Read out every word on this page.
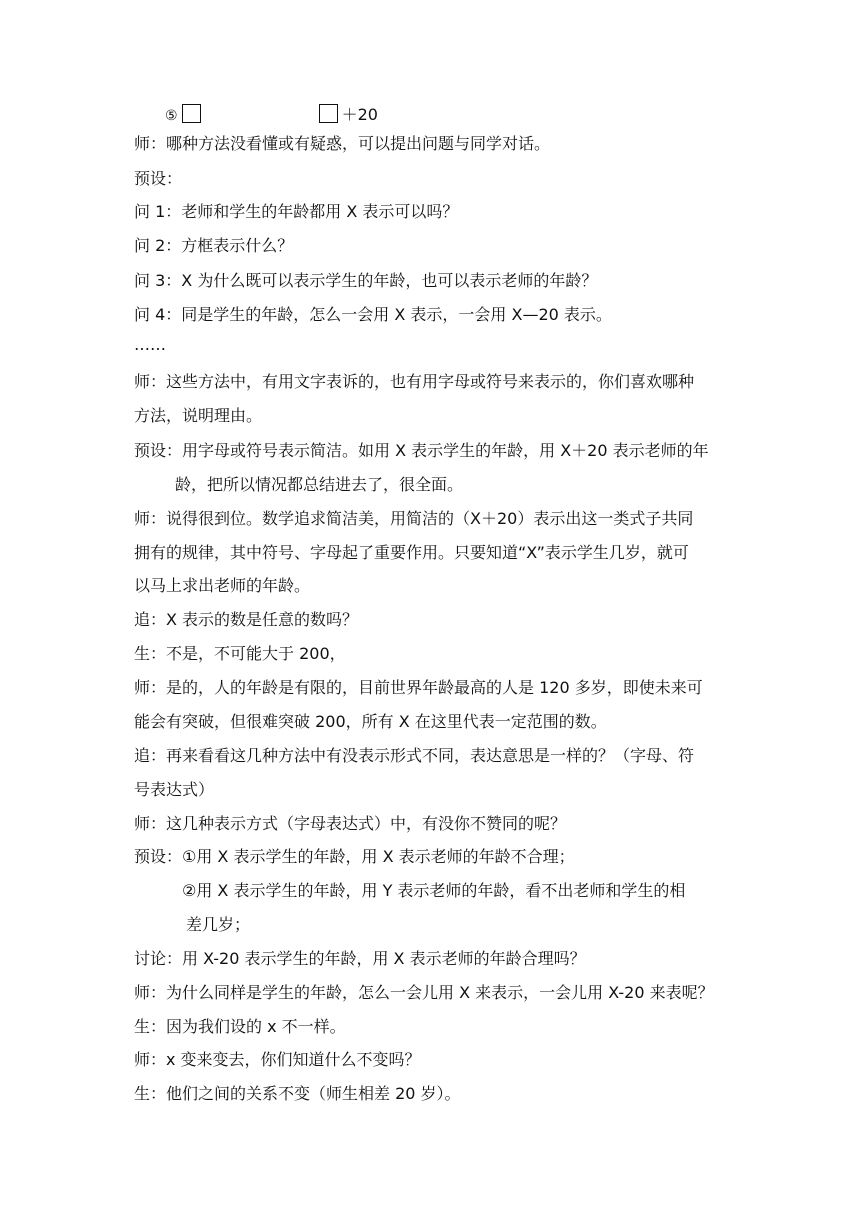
⑤	＋20
师：哪种方法没看懂或有疑惑，可以提出问题与同学对话。
预设：
问 1：老师和学生的年龄都用 X 表示可以吗？
问 2：方框表示什么？
问 3：X 为什么既可以表示学生的年龄，也可以表示老师的年龄？
问 4：同是学生的年龄，怎么一会用 X 表示，一会用 X—20 表示。
……
师：这些方法中，有用文字表诉的，也有用字母或符号来表示的，你们喜欢哪种
方法，说明理由。
预设：用字母或符号表示简洁。如用 X 表示学生的年龄，用 X＋20 表示老师的年
龄，把所以情况都总结进去了，很全面。
师：说得很到位。数学追求简洁美，用简洁的（X＋20）表示出这一类式子共同
拥有的规律，其中符号、字母起了重要作用。只要知道“X”表示学生几岁，就可
以马上求出老师的年龄。
追：X 表示的数是任意的数吗？
生：不是，不可能大于 200，
师：是的，人的年龄是有限的，目前世界年龄最高的人是 120 多岁，即使未来可
能会有突破，但很难突破 200，所有 X 在这里代表一定范围的数。
追：再来看看这几种方法中有没表示形式不同，表达意思是一样的？（字母、符
号表达式）
师：这几种表示方式（字母表达式）中，有没你不赞同的呢？
预设：①用 X 表示学生的年龄，用 X 表示老师的年龄不合理；
②用 X 表示学生的年龄，用 Y 表示老师的年龄，看不出老师和学生的相
差几岁；
讨论：用 X-20 表示学生的年龄，用 X 表示老师的年龄合理吗？
师：为什么同样是学生的年龄，怎么一会儿用 X 来表示，一会儿用 X-20 来表呢？
生：因为我们设的 x 不一样。
师：x 变来变去，你们知道什么不变吗？
生：他们之间的关系不变（师生相差 20 岁）。
